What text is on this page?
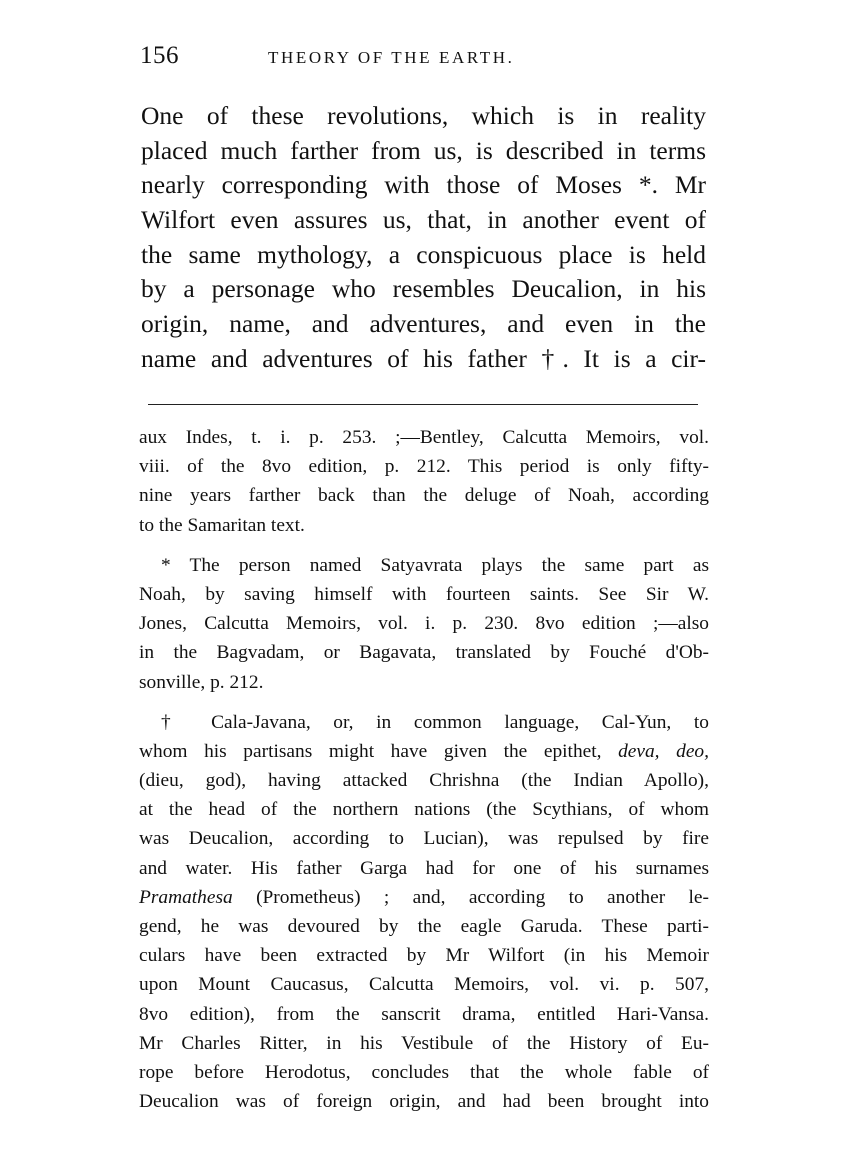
156	THEORY OF THE EARTH.
One of these revolutions, which is in reality
placed much farther from us, is described in terms
nearly corresponding with those of Moses *. Mr
Wilfort even assures us, that, in another event of
the same mythology, a conspicuous place is held
by a personage who resembles Deucalion, in his
origin, name, and adventures, and even in the
name and adventures of his father †. It is a cir-
aux Indes, t. i. p. 253. ;—Bentley, Calcutta Memoirs, vol.
viii. of the 8vo edition, p. 212. This period is only fifty-
nine years farther back than the deluge of Noah, according
to the Samaritan text.
* The person named Satyavrata plays the same part as
Noah, by saving himself with fourteen saints. See Sir W.
Jones, Calcutta Memoirs, vol. i. p. 230. 8vo edition ;—also
in the Bagvadam, or Bagavata, translated by Fouché d'Ob-
sonville, p. 212.
† Cala-Javana, or, in common language, Cal-Yun, to
whom his partisans might have given the epithet, deva, deo,
(dieu, god), having attacked Chrishna (the Indian Apollo),
at the head of the northern nations (the Scythians, of whom
was Deucalion, according to Lucian), was repulsed by fire
and water. His father Garga had for one of his surnames
Pramathesa (Prometheus) ; and, according to another le-
gend, he was devoured by the eagle Garuda. These parti-
culars have been extracted by Mr Wilfort (in his Memoir
upon Mount Caucasus, Calcutta Memoirs, vol. vi. p. 507,
8vo edition), from the sanscrit drama, entitled Hari-Vansa.
Mr Charles Ritter, in his Vestibule of the History of Eu-
rope before Herodotus, concludes that the whole fable of
Deucalion was of foreign origin, and had been brought into
